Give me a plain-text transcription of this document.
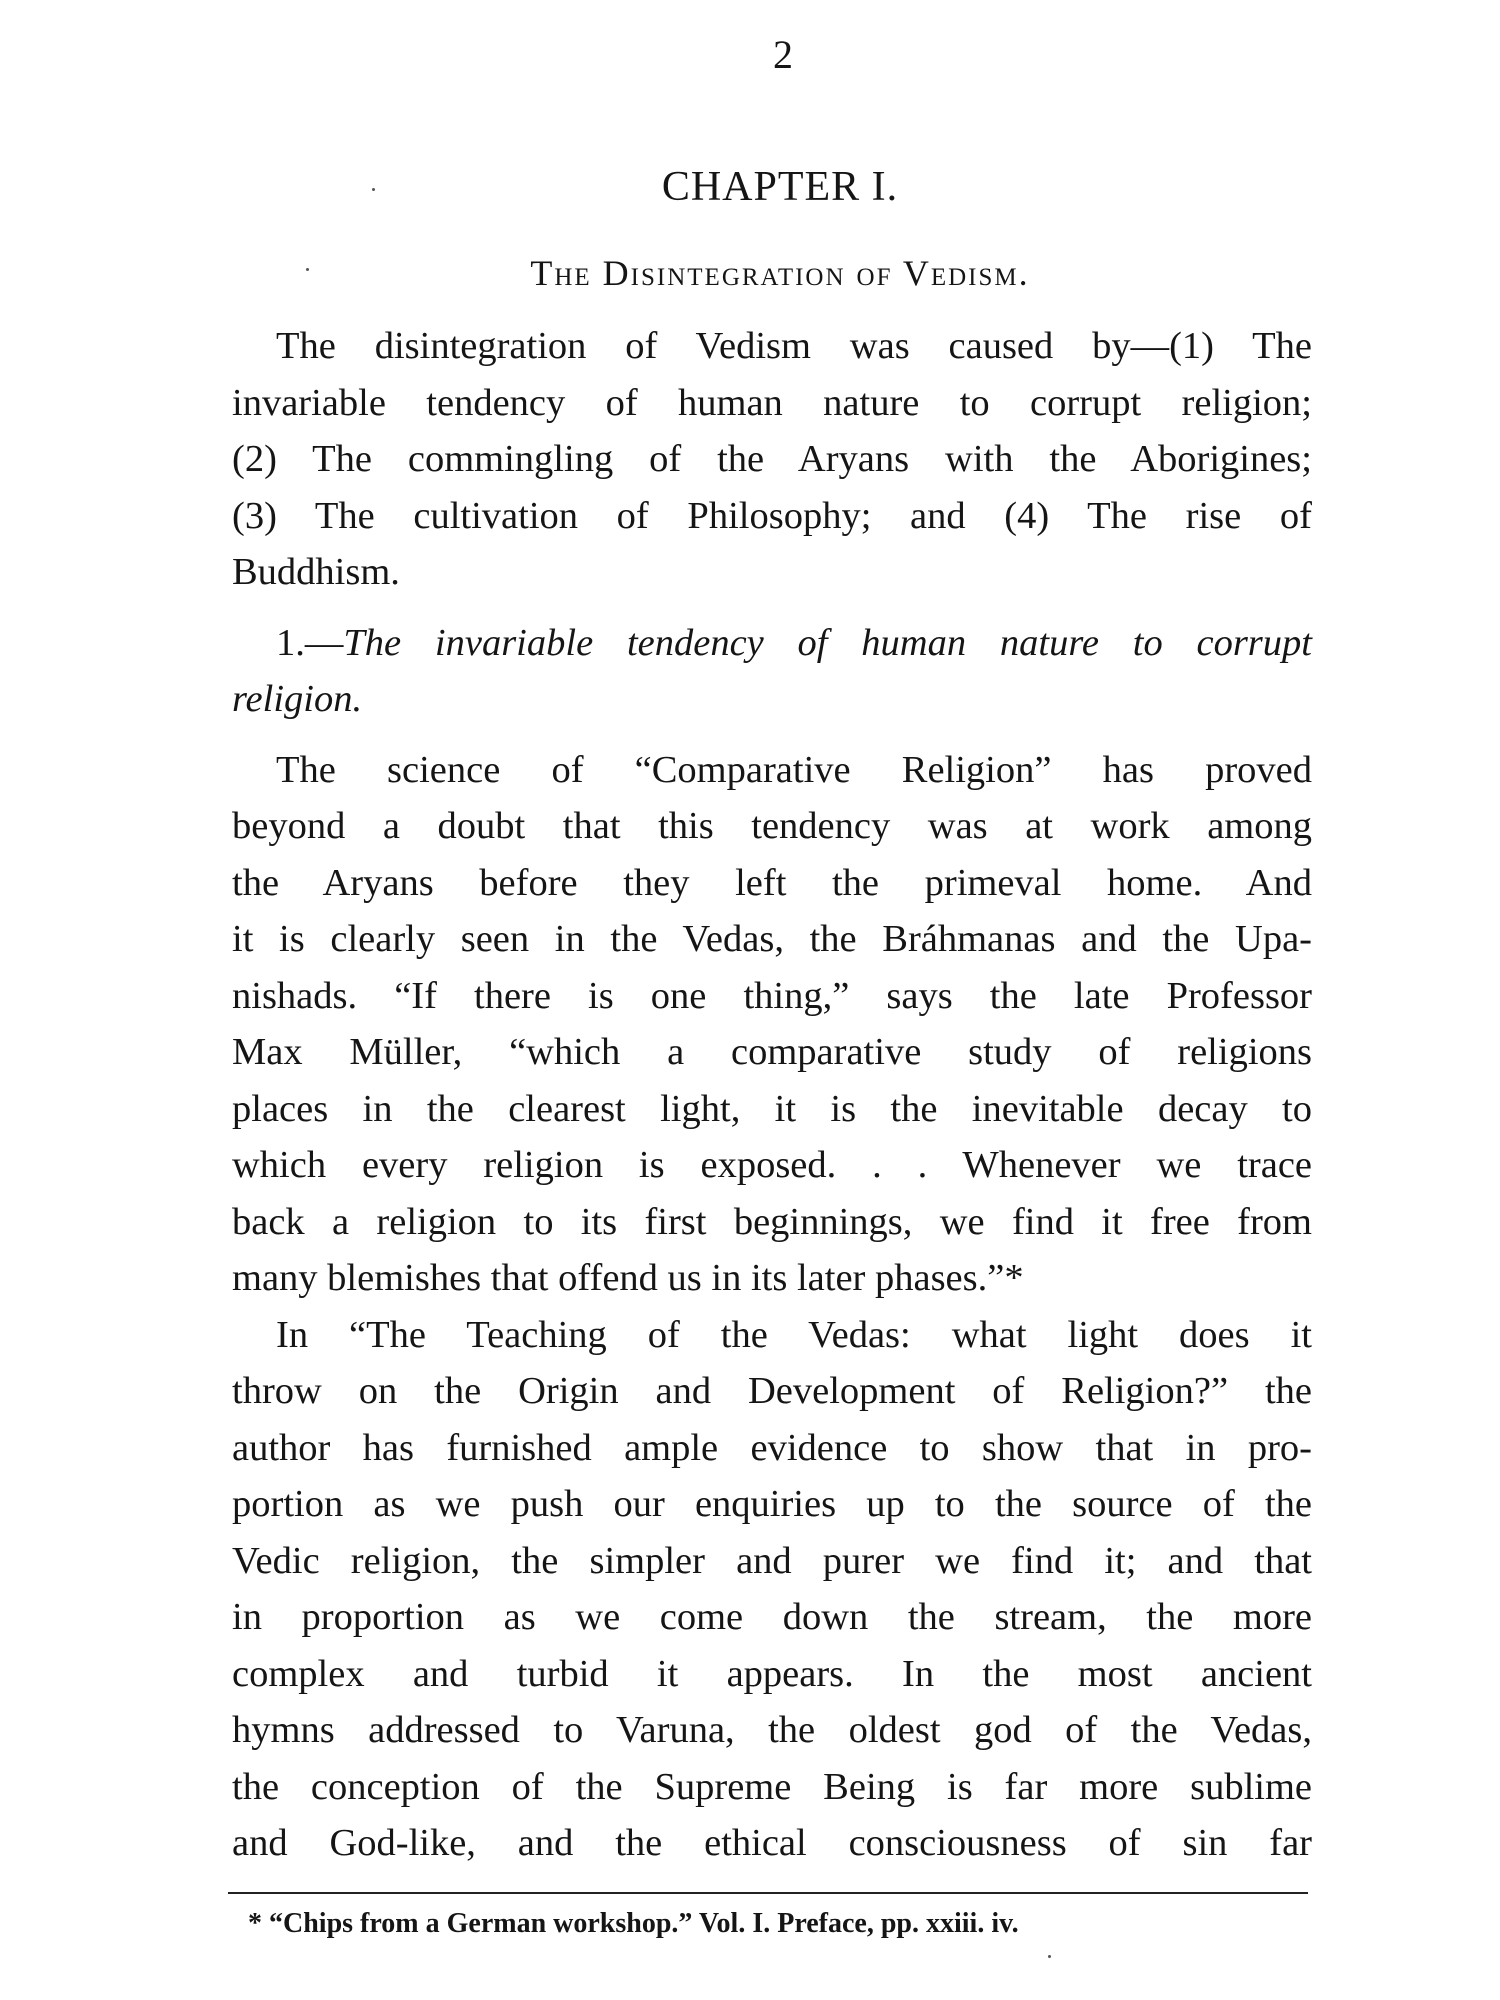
2
CHAPTER I.
The Disintegration of Vedism.
The disintegration of Vedism was caused by—(1) The
invariable tendency of human nature to corrupt religion;
(2) The commingling of the Aryans with the Aborigines;
(3) The cultivation of Philosophy; and (4) The rise of
Buddhism.
1.—The invariable tendency of human nature to corrupt
religion.
The science of “Comparative Religion” has proved
beyond a doubt that this tendency was at work among
the Aryans before they left the primeval home. And
it is clearly seen in the Vedas, the Bráhmanas and the Upa-
nishads. “If there is one thing,” says the late Professor
Max Müller, “which a comparative study of religions
places in the clearest light, it is the inevitable decay to
which every religion is exposed. . . Whenever we trace
back a religion to its first beginnings, we find it free from
many blemishes that offend us in its later phases.”*
In “The Teaching of the Vedas: what light does it
throw on the Origin and Development of Religion?” the
author has furnished ample evidence to show that in pro-
portion as we push our enquiries up to the source of the
Vedic religion, the simpler and purer we find it; and that
in proportion as we come down the stream, the more
complex and turbid it appears. In the most ancient
hymns addressed to Varuna, the oldest god of the Vedas,
the conception of the Supreme Being is far more sublime
and God-like, and the ethical consciousness of sin far
* “Chips from a German workshop.” Vol. I. Preface, pp. xxiii. iv.
